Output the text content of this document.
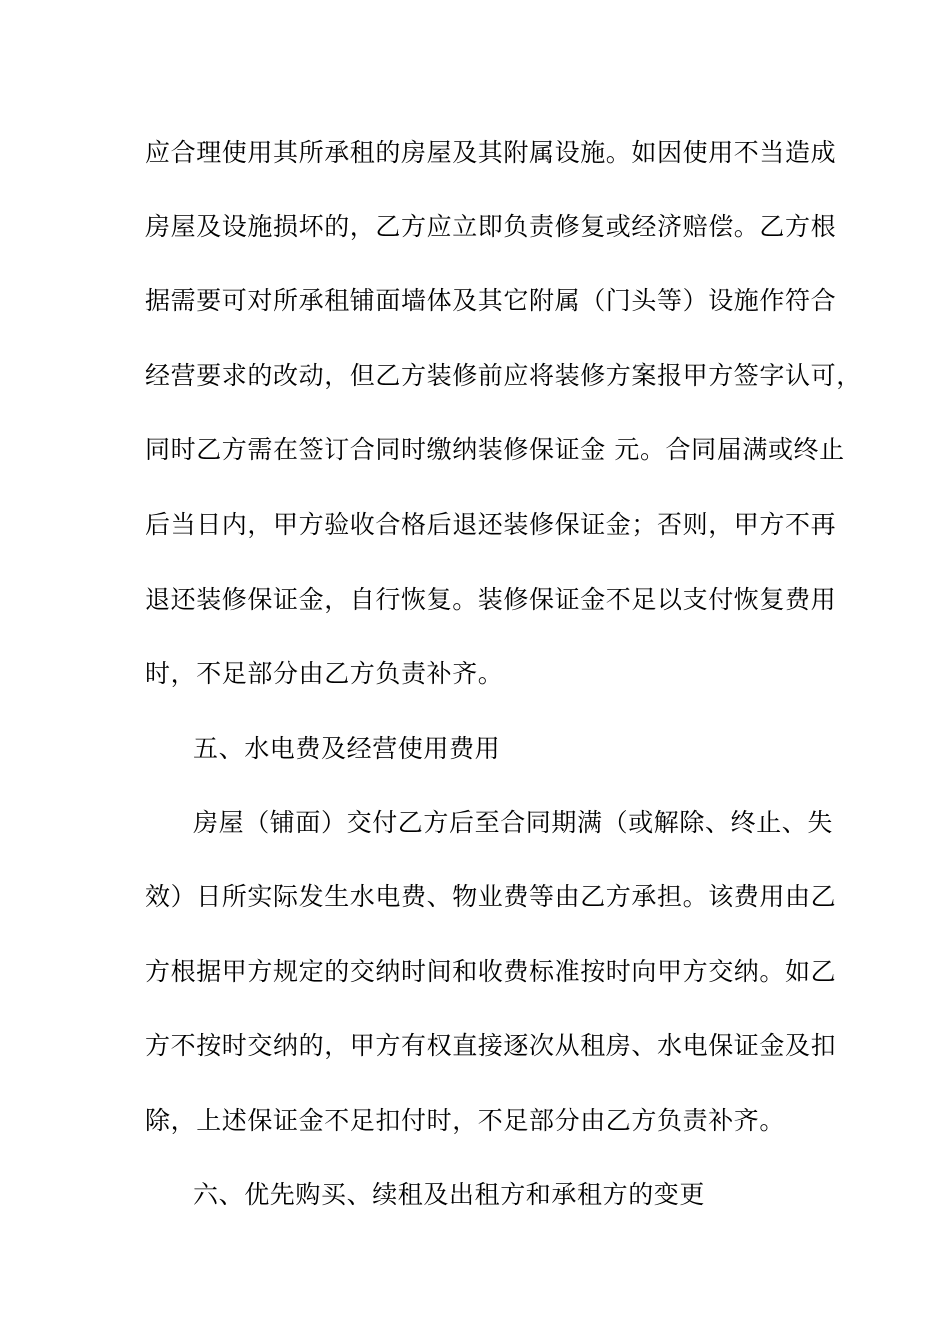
应合理使用其所承租的房屋及其附属设施。如因使用不当造成
房屋及设施损坏的，乙方应立即负责修复或经济赔偿。乙方根
据需要可对所承租铺面墙体及其它附属（门头等）设施作符合
经营要求的改动，但乙方装修前应将装修方案报甲方签字认可，
同时乙方需在签订合同时缴纳装修保证金 元。合同届满或终止
后当日内，甲方验收合格后退还装修保证金；否则，甲方不再
退还装修保证金，自行恢复。装修保证金不足以支付恢复费用
时，不足部分由乙方负责补齐。
五、水电费及经营使用费用
房屋（铺面）交付乙方后至合同期满（或解除、终止、失
效）日所实际发生水电费、物业费等由乙方承担。该费用由乙
方根据甲方规定的交纳时间和收费标准按时向甲方交纳。如乙
方不按时交纳的，甲方有权直接逐次从租房、水电保证金及扣
除，上述保证金不足扣付时，不足部分由乙方负责补齐。
六、优先购买、续租及出租方和承租方的变更
